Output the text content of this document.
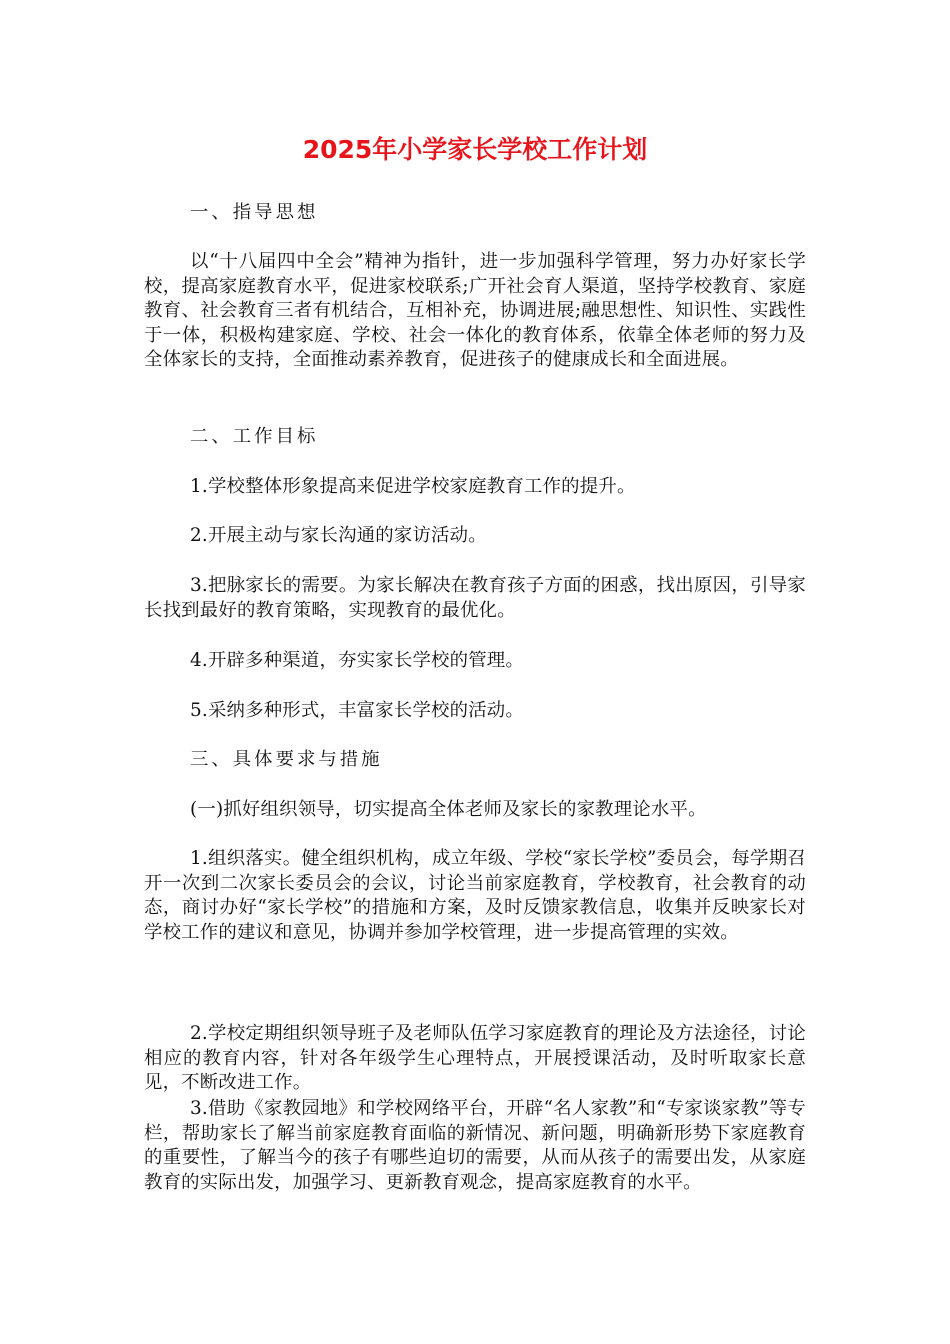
2025年小学家长学校工作计划

一、指导思想

以“十八届四中全会”精神为指针，进一步加强科学管理，努力办好家长学校，提高家庭教育水平，促进家校联系;广开社会育人渠道，坚持学校教育、家庭教育、社会教育三者有机结合，互相补充，协调进展;融思想性、知识性、实践性于一体，积极构建家庭、学校、社会一体化的教育体系，依靠全体老师的努力及全体家长的支持，全面推动素养教育，促进孩子的健康成长和全面进展。

二、工作目标

1.学校整体形象提高来促进学校家庭教育工作的提升。

2.开展主动与家长沟通的家访活动。

3.把脉家长的需要。为家长解决在教育孩子方面的困惑，找出原因，引导家长找到最好的教育策略，实现教育的最优化。

4.开辟多种渠道，夯实家长学校的管理。

5.采纳多种形式，丰富家长学校的活动。

三、具体要求与措施

(一)抓好组织领导，切实提高全体老师及家长的家教理论水平。

1.组织落实。健全组织机构，成立年级、学校“家长学校”委员会，每学期召开一次到二次家长委员会的会议，讨论当前家庭教育，学校教育，社会教育的动态，商讨办好“家长学校”的措施和方案，及时反馈家教信息，收集并反映家长对学校工作的建议和意见，协调并参加学校管理，进一步提高管理的实效。

2.学校定期组织领导班子及老师队伍学习家庭教育的理论及方法途径，讨论相应的教育内容，针对各年级学生心理特点，开展授课活动，及时听取家长意见，不断改进工作。

3.借助《家教园地》和学校网络平台，开辟“名人家教”和“专家谈家教”等专栏，帮助家长了解当前家庭教育面临的新情况、新问题，明确新形势下家庭教育的重要性，了解当今的孩子有哪些迫切的需要，从而从孩子的需要出发，从家庭教育的实际出发，加强学习、更新教育观念，提高家庭教育的水平。
